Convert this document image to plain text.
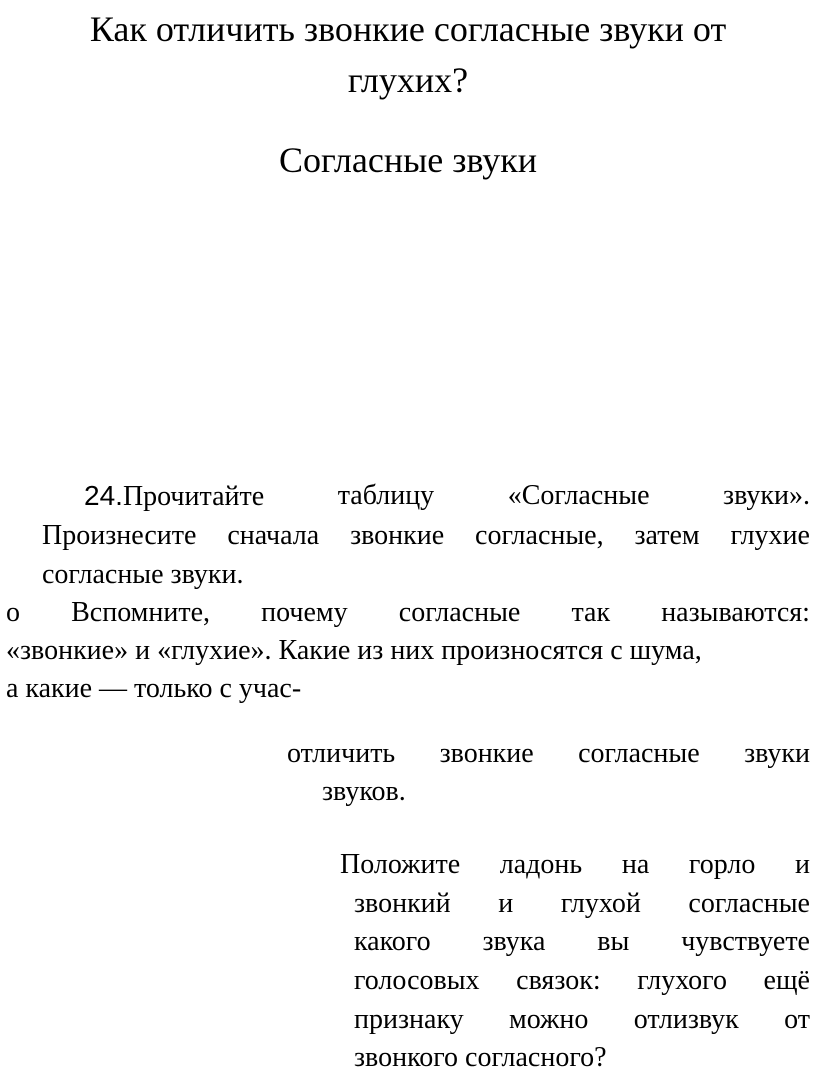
Как отличить звонкие согласные звуки от
глухих?
Согласные звуки
24.Прочитайте	таблицу	«Согласные	звуки».
Произнесите сначала звонкие согласные, затем глухие
согласные звуки.
о Вспомните, почему согласные так называются:
«звонкие» и «глухие». Какие из них произносятся с шума,
а какие — только с учас-
отличить звонкие согласные звуки
звуков.
Положите ладонь на горло и
звонкий и глухой согласные
какого звука вы чувствуете
голосовых связок: глухого ещё
признаку можно отлизвук от
звонкого согласного?
